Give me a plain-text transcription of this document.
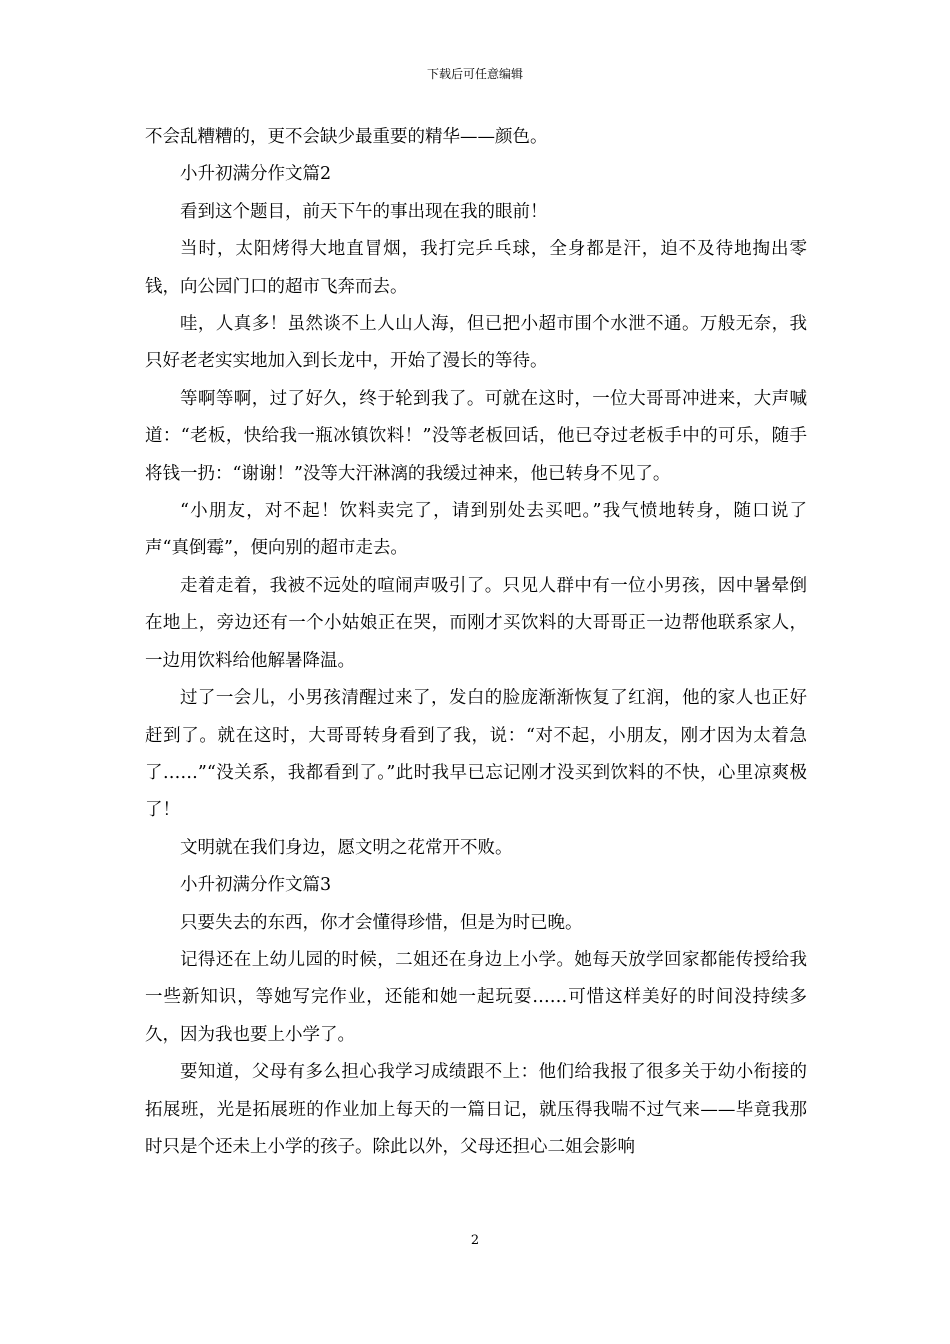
下载后可任意编辑

不会乱糟糟的，更不会缺少最重要的精华——颜色。

小升初满分作文篇2

看到这个题目，前天下午的事出现在我的眼前！

当时，太阳烤得大地直冒烟，我打完乒乓球，全身都是汗，迫不及待地掏出零钱，向公园门口的超市飞奔而去。

哇，人真多！虽然谈不上人山人海，但已把小超市围个水泄不通。万般无奈，我只好老老实实地加入到长龙中，开始了漫长的等待。

等啊等啊，过了好久，终于轮到我了。可就在这时，一位大哥哥冲进来，大声喊道：“老板，快给我一瓶冰镇饮料！”没等老板回话，他已夺过老板手中的可乐，随手将钱一扔：“谢谢！”没等大汗淋漓的我缓过神来，他已转身不见了。

“小朋友，对不起！饮料卖完了，请到别处去买吧。”我气愤地转身，随口说了声“真倒霉”，便向别的超市走去。

走着走着，我被不远处的喧闹声吸引了。只见人群中有一位小男孩，因中暑晕倒在地上，旁边还有一个小姑娘正在哭，而刚才买饮料的大哥哥正一边帮他联系家人，一边用饮料给他解暑降温。

过了一会儿，小男孩清醒过来了，发白的脸庞渐渐恢复了红润，他的家人也正好赶到了。就在这时，大哥哥转身看到了我，说：“对不起，小朋友，刚才因为太着急了……”“没关系，我都看到了。”此时我早已忘记刚才没买到饮料的不快，心里凉爽极了！

文明就在我们身边，愿文明之花常开不败。

小升初满分作文篇3

只要失去的东西，你才会懂得珍惜，但是为时已晚。

记得还在上幼儿园的时候，二姐还在身边上小学。她每天放学回家都能传授给我一些新知识，等她写完作业，还能和她一起玩耍……可惜这样美好的时间没持续多久，因为我也要上小学了。

要知道，父母有多么担心我学习成绩跟不上：他们给我报了很多关于幼小衔接的拓展班，光是拓展班的作业加上每天的一篇日记，就压得我喘不过气来——毕竟我那时只是个还未上小学的孩子。除此以外，父母还担心二姐会影响

2
